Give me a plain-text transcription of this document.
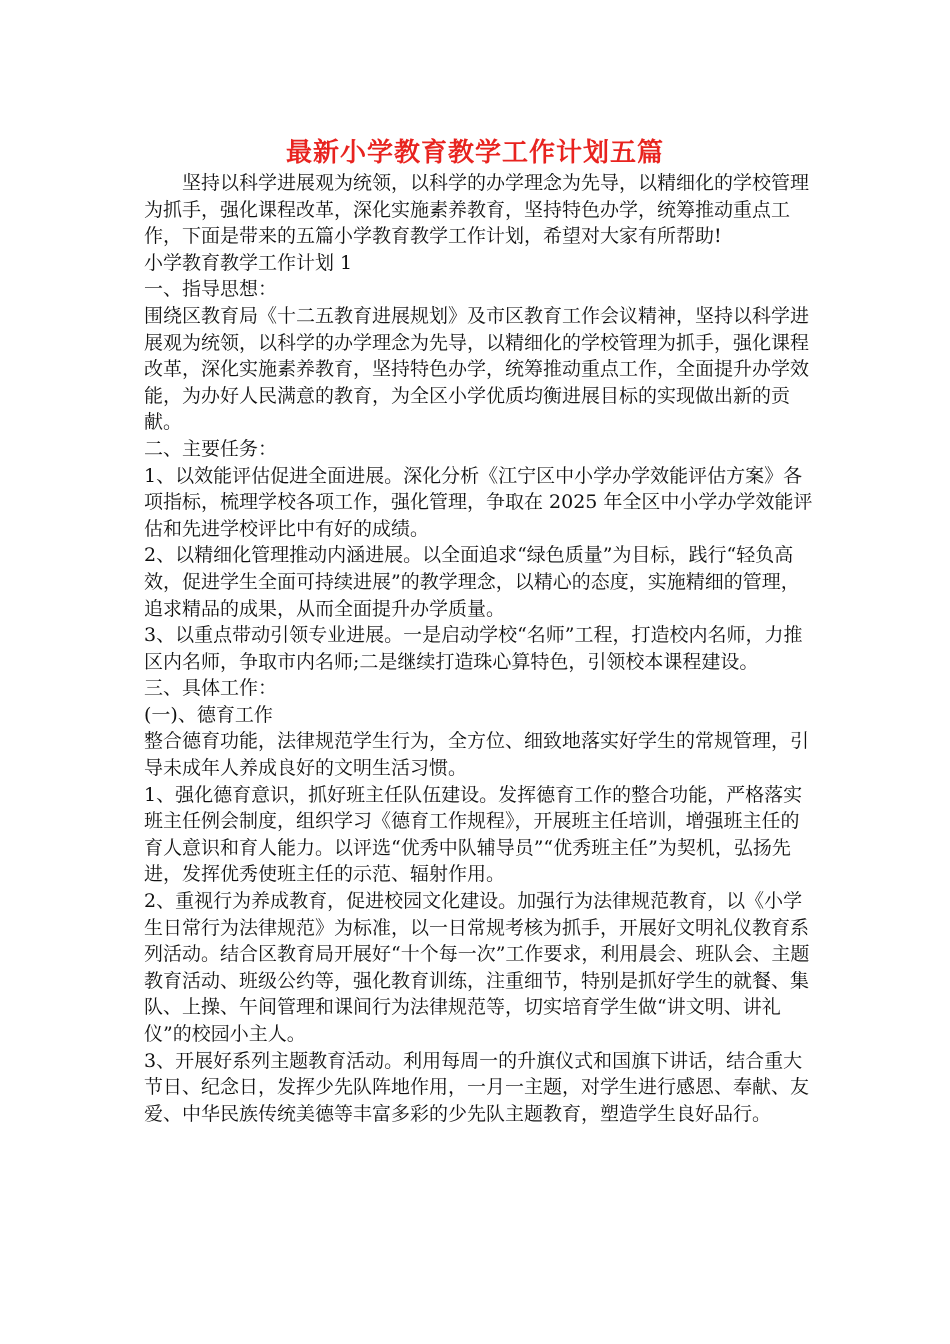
最新小学教育教学工作计划五篇

坚持以科学进展观为统领，以科学的办学理念为先导，以精细化的学校管理为抓手，强化课程改革，深化实施素养教育，坚持特色办学，统筹推动重点工作，下面是带来的五篇小学教育教学工作计划，希望对大家有所帮助!

小学教育教学工作计划 1

一、指导思想：

围绕区教育局《十二五教育进展规划》及市区教育工作会议精神，坚持以科学进展观为统领，以科学的办学理念为先导，以精细化的学校管理为抓手，强化课程改革，深化实施素养教育，坚持特色办学，统筹推动重点工作，全面提升办学效能，为办好人民满意的教育，为全区小学优质均衡进展目标的实现做出新的贡献。

二、主要任务：

1、以效能评估促进全面进展。深化分析《江宁区中小学办学效能评估方案》各项指标，梳理学校各项工作，强化管理，争取在 2025 年全区中小学办学效能评估和先进学校评比中有好的成绩。

2、以精细化管理推动内涵进展。以全面追求“绿色质量”为目标，践行“轻负高效，促进学生全面可持续进展”的教学理念，以精心的态度，实施精细的管理，追求精品的成果，从而全面提升办学质量。

3、以重点带动引领专业进展。一是启动学校“名师”工程，打造校内名师，力推区内名师，争取市内名师;二是继续打造珠心算特色，引领校本课程建设。

三、具体工作：

(一)、德育工作

整合德育功能，法律规范学生行为，全方位、细致地落实好学生的常规管理，引导未成年人养成良好的文明生活习惯。

1、强化德育意识，抓好班主任队伍建设。发挥德育工作的整合功能，严格落实班主任例会制度，组织学习《德育工作规程》，开展班主任培训，增强班主任的育人意识和育人能力。以评选“优秀中队辅导员”“优秀班主任”为契机，弘扬先进，发挥优秀使班主任的示范、辐射作用。

2、重视行为养成教育，促进校园文化建设。加强行为法律规范教育，以《小学生日常行为法律规范》为标准，以一日常规考核为抓手，开展好文明礼仪教育系列活动。结合区教育局开展好“十个每一次”工作要求，利用晨会、班队会、主题教育活动、班级公约等，强化教育训练，注重细节，特别是抓好学生的就餐、集队、上操、午间管理和课间行为法律规范等，切实培育学生做“讲文明、讲礼仪”的校园小主人。

3、开展好系列主题教育活动。利用每周一的升旗仪式和国旗下讲话，结合重大节日、纪念日，发挥少先队阵地作用，一月一主题，对学生进行感恩、奉献、友爱、中华民族传统美德等丰富多彩的少先队主题教育，塑造学生良好品行。
